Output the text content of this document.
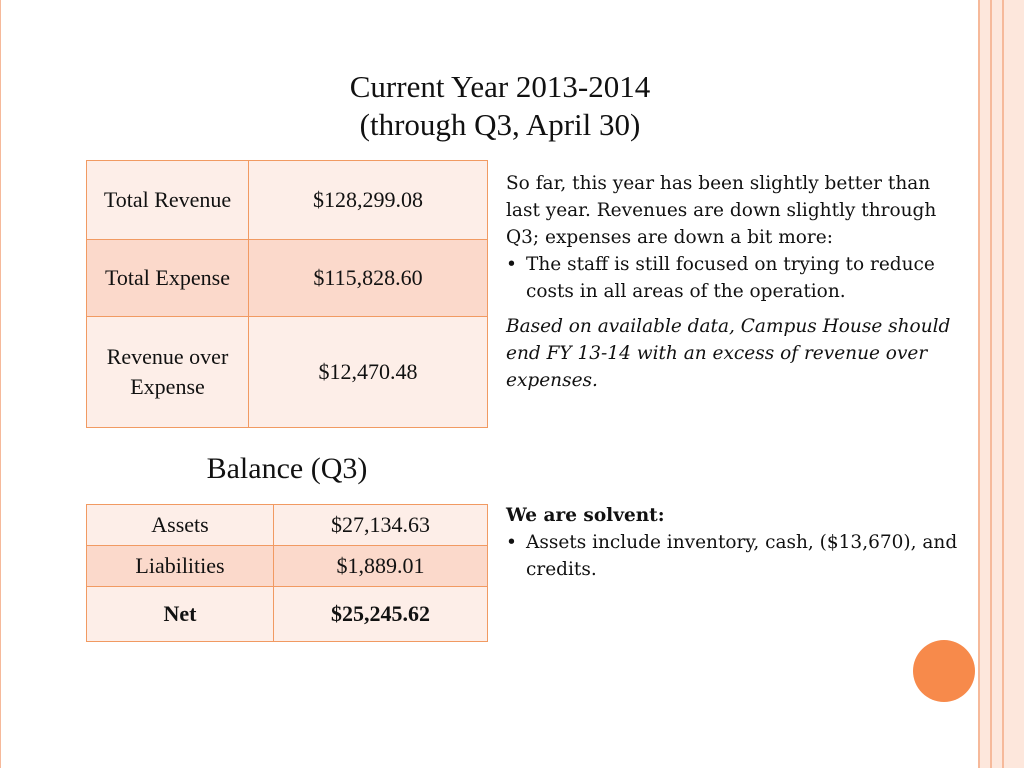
Current Year 2013-2014
(through Q3, April 30)
Total Revenue	$128,299.08
Total Expense	$115,828.60
Revenue over Expense	$12,470.48
Balance (Q3)
Assets	$27,134.63
Liabilities	$1,889.01
Net	$25,245.62

So far, this year has been slightly better than last year. Revenues are down slightly through Q3; expenses are down a bit more:

• The staff is still focused on trying to reduce costs in all areas of the operation.

Based on available data, Campus House should end FY 13-14 with an excess of revenue over expenses.

We are solvent:

• Assets include inventory, cash, ($13,670), and credits.
